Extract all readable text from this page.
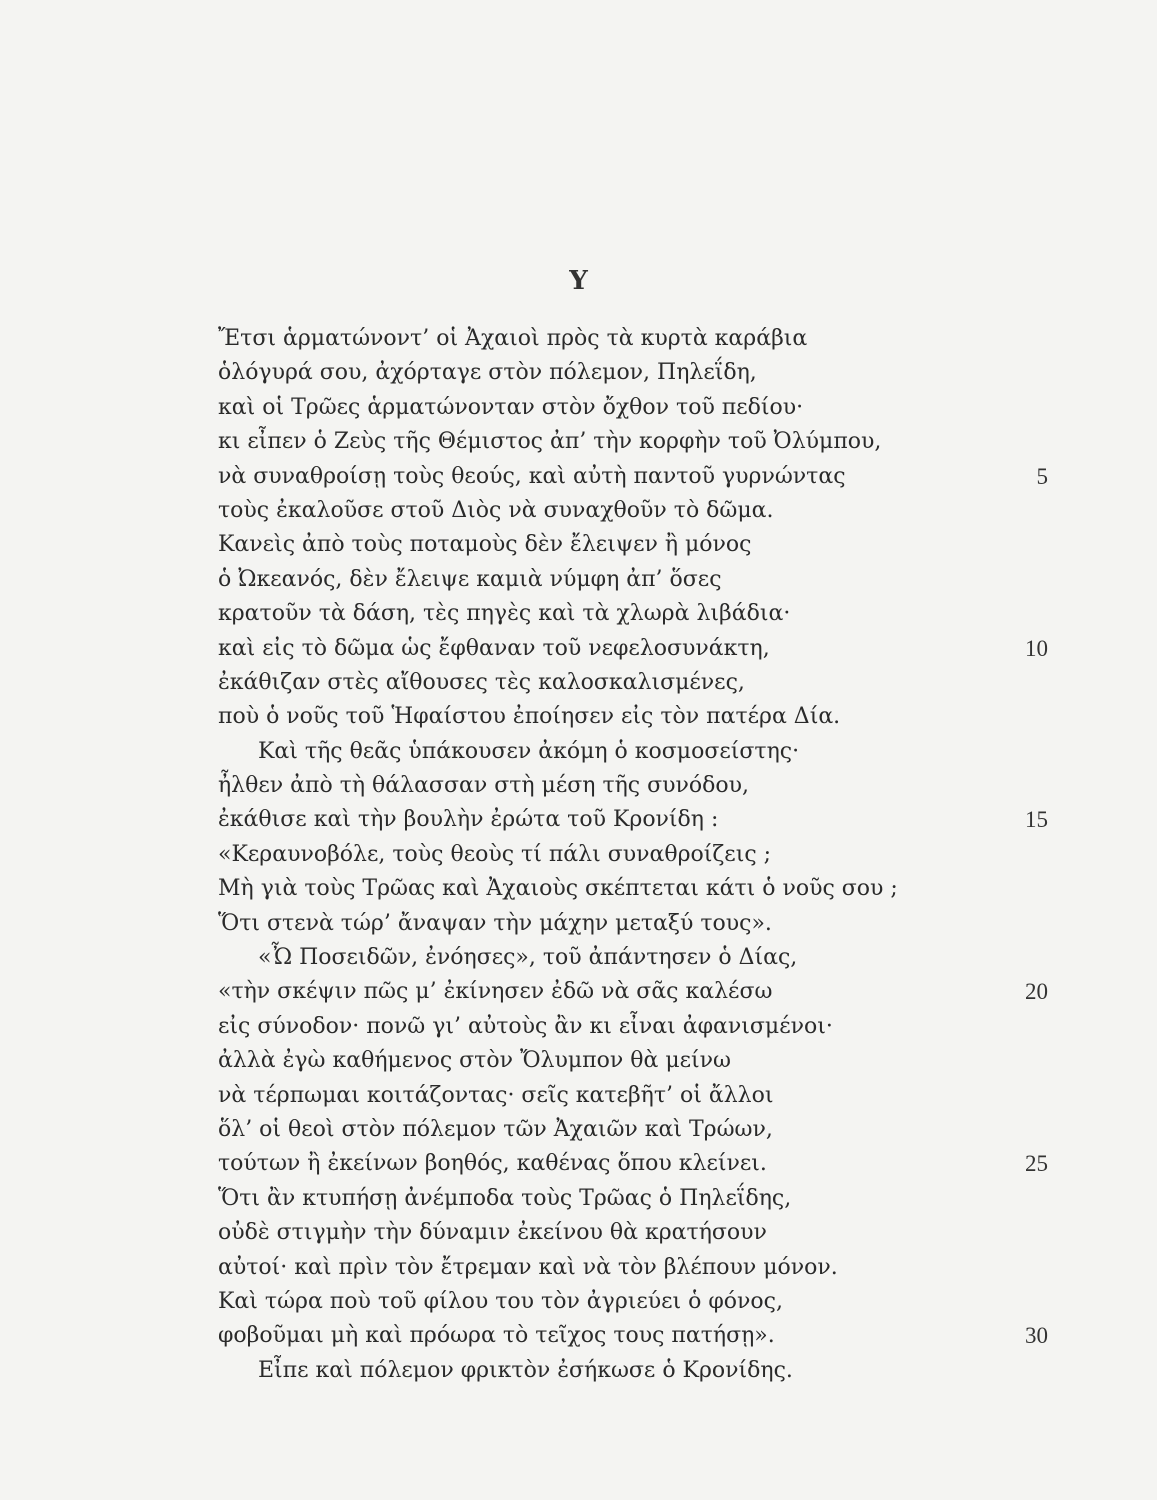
Υ
Ἔτσι ἁρματώνοντ’ οἱ Ἀχαιοὶ πρὸς τὰ κυρτὰ καράβια
ὁλόγυρά σου, ἀχόρταγε στὸν πόλεμον, Πηλεΐδη,
καὶ οἱ Τρῶες ἁρματώνονταν στὸν ὄχθον τοῦ πεδίου·
κι εἶπεν ὁ Ζεὺς τῆς Θέμιστος ἀπ’ τὴν κορφὴν τοῦ Ὀλύμπου,
νὰ συναθροίσῃ τοὺς θεούς, καὶ αὐτὴ παντοῦ γυρνώντας	5
τοὺς ἐκαλοῦσε στοῦ Διὸς νὰ συναχθοῦν τὸ δῶμα.
Κανεὶς ἀπὸ τοὺς ποταμοὺς δὲν ἔλειψεν ἢ μόνος
ὁ Ὠκεανός, δὲν ἔλειψε καμιὰ νύμφη ἀπ’ ὅσες
κρατοῦν τὰ δάση, τὲς πηγὲς καὶ τὰ χλωρὰ λιβάδια·
καὶ εἰς τὸ δῶμα ὡς ἔφθαναν τοῦ νεφελοσυνάκτη,	10
ἐκάθιζαν στὲς αἴθουσες τὲς καλοσκαλισμένες,
ποὺ ὁ νοῦς τοῦ Ἡφαίστου ἐποίησεν εἰς τὸν πατέρα Δία.
Καὶ τῆς θεᾶς ὑπάκουσεν ἀκόμη ὁ κοσμοσείστης·
ἦλθεν ἀπὸ τὴ θάλασσαν στὴ μέση τῆς συνόδου,
ἐκάθισε καὶ τὴν βουλὴν ἐρώτα τοῦ Κρονίδη :	15
«Κεραυνοβόλε, τοὺς θεοὺς τί πάλι συναθροίζεις ;
Μὴ γιὰ τοὺς Τρῶας καὶ Ἀχαιοὺς σκέπτεται κάτι ὁ νοῦς σου ;
Ὅτι στενὰ τώρ’ ἄναψαν τὴν μάχην μεταξύ τους».
«Ὦ Ποσειδῶν, ἐνόησες», τοῦ ἀπάντησεν ὁ Δίας,
«τὴν σκέψιν πῶς μ’ ἐκίνησεν ἐδῶ νὰ σᾶς καλέσω	20
εἰς σύνοδον· πονῶ γι’ αὐτοὺς ἂν κι εἶναι ἀφανισμένοι·
ἀλλὰ ἐγὼ καθήμενος στὸν Ὄλυμπον θὰ μείνω
νὰ τέρπωμαι κοιτάζοντας· σεῖς κατεβῆτ’ οἱ ἄλλοι
ὅλ’ οἱ θεοὶ στὸν πόλεμον τῶν Ἀχαιῶν καὶ Τρώων,
τούτων ἢ ἐκείνων βοηθός, καθένας ὅπου κλείνει.	25
Ὅτι ἂν κτυπήσῃ ἀνέμποδα τοὺς Τρῶας ὁ Πηλεΐδης,
οὐδὲ στιγμὴν τὴν δύναμιν ἐκείνου θὰ κρατήσουν
αὐτοί· καὶ πρὶν τὸν ἔτρεμαν καὶ νὰ τὸν βλέπουν μόνον.
Καὶ τώρα ποὺ τοῦ φίλου του τὸν ἀγριεύει ὁ φόνος,
φοβοῦμαι μὴ καὶ πρόωρα τὸ τεῖχος τους πατήσῃ».	30
Εἶπε καὶ πόλεμον φρικτὸν ἐσήκωσε ὁ Κρονίδης.
